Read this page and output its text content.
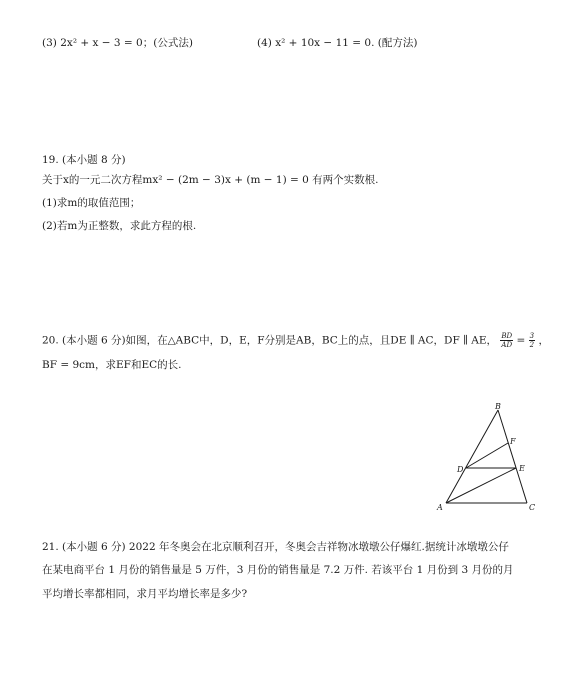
(3) 2x² + x − 3 = 0；(公式法)	(4) x² + 10x − 11 = 0. (配方法)
19. (本小题 8 分)
关于x的一元二次方程mx² − (2m − 3)x + (m − 1) = 0 有两个实数根.
(1)求m的取值范围；
(2)若m为正整数，求此方程的根.
20. (本小题 6 分)如图，在△ABC中，D，E，F分别是AB，BC上的点，且DE ∥ AC，DF ∥ AE， $\frac{BD}{AD} = \frac{3}{2}$ ，
BF = 9cm，求EF和EC的长.
B
F
D	E
A	C
21. (本小题 6 分) 2022 年冬奥会在北京顺利召开，冬奥会吉祥物冰墩墩公仔爆红.据统计冰墩墩公仔
在某电商平台 1 月份的销售量是 5 万件，3 月份的销售量是 7.2 万件. 若该平台 1 月份到 3 月份的月
平均增长率都相同，求月平均增长率是多少?
